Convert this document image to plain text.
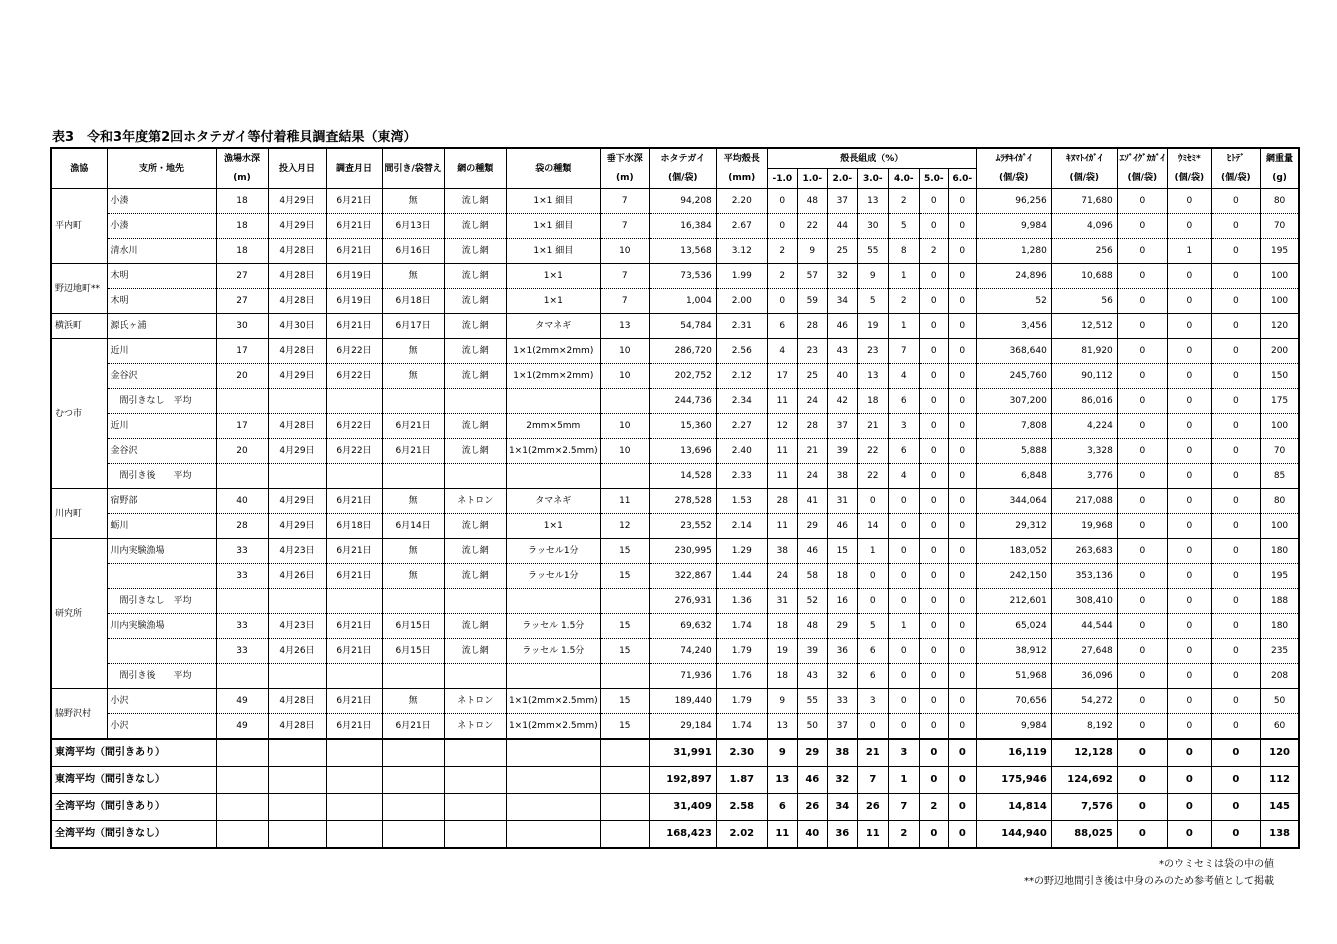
表3　令和3年度第2回ホタテガイ等付着稚貝調査結果（東湾）
漁協	支所・地先	漁場水深	投入月日	調査月日	間引き/袋替え	網の種類	袋の種類	垂下水深	ホタテガイ	平均殻長	殻長組成（%）							ﾑﾗｻｷｲｶﾞｲ	ｷﾇﾏﾄｲｶﾞｲ	ｴｿﾞｲｸﾞｶｶﾞｲ	ｳﾐｾﾐ*	ﾋﾄﾃﾞ	網重量
		(m)						(m)	(個/袋)	(mm)	-1.0	1.0-	2.0-	3.0-	4.0-	5.0-	6.0-	(個/袋)	(個/袋)	(個/袋)	(個/袋)	(個/袋)	(g)
平内町	小湊	18	4月29日	6月21日	無	流し網	1×1 細目	7	94,208	2.20	0	48	37	13	2	0	0	96,256	71,680	0	0	0	80
	小湊	18	4月29日	6月21日	6月13日	流し網	1×1 細目	7	16,384	2.67	0	22	44	30	5	0	0	9,984	4,096	0	0	0	70
	清水川	18	4月28日	6月21日	6月16日	流し網	1×1 細目	10	13,568	3.12	2	9	25	55	8	2	0	1,280	256	0	1	0	195
野辺地町**	木明	27	4月28日	6月19日	無	流し網	1×1	7	73,536	1.99	2	57	32	9	1	0	0	24,896	10,688	0	0	0	100
	木明	27	4月28日	6月19日	6月18日	流し網	1×1	7	1,004	2.00	0	59	34	5	2	0	0	52	56	0	0	0	100
横浜町	源氏ヶ浦	30	4月30日	6月21日	6月17日	流し網	タマネギ	13	54,784	2.31	6	28	46	19	1	0	0	3,456	12,512	0	0	0	120
むつ市	近川	17	4月28日	6月22日	無	流し網	1×1(2mm×2mm)	10	286,720	2.56	4	23	43	23	7	0	0	368,640	81,920	0	0	0	200
	金谷沢	20	4月29日	6月22日	無	流し網	1×1(2mm×2mm)	10	202,752	2.12	17	25	40	13	4	0	0	245,760	90,112	0	0	0	150
	　間引きなし　平均								244,736	2.34	11	24	42	18	6	0	0	307,200	86,016	0	0	0	175
	近川	17	4月28日	6月22日	6月21日	流し網	2mm×5mm	10	15,360	2.27	12	28	37	21	3	0	0	7,808	4,224	0	0	0	100
	金谷沢	20	4月29日	6月22日	6月21日	流し網	1×1(2mm×2.5mm)	10	13,696	2.40	11	21	39	22	6	0	0	5,888	3,328	0	0	0	70
	　間引き後　　平均								14,528	2.33	11	24	38	22	4	0	0	6,848	3,776	0	0	0	85
川内町	宿野部	40	4月29日	6月21日	無	ネトロン	タマネギ	11	278,528	1.53	28	41	31	0	0	0	0	344,064	217,088	0	0	0	80
	蛎川	28	4月29日	6月18日	6月14日	流し網	1×1	12	23,552	2.14	11	29	46	14	0	0	0	29,312	19,968	0	0	0	100
研究所	川内実験漁場	33	4月23日	6月21日	無	流し網	ラッセル1分	15	230,995	1.29	38	46	15	1	0	0	0	183,052	263,683	0	0	0	180
		33	4月26日	6月21日	無	流し網	ラッセル1分	15	322,867	1.44	24	58	18	0	0	0	0	242,150	353,136	0	0	0	195
	　間引きなし　平均								276,931	1.36	31	52	16	0	0	0	0	212,601	308,410	0	0	0	188
	川内実験漁場	33	4月23日	6月21日	6月15日	流し網	ラッセル 1.5分	15	69,632	1.74	18	48	29	5	1	0	0	65,024	44,544	0	0	0	180
		33	4月26日	6月21日	6月15日	流し網	ラッセル 1.5分	15	74,240	1.79	19	39	36	6	0	0	0	38,912	27,648	0	0	0	235
	　間引き後　　平均								71,936	1.76	18	43	32	6	0	0	0	51,968	36,096	0	0	0	208
脇野沢村	小沢	49	4月28日	6月21日	無	ネトロン	1×1(2mm×2.5mm)	15	189,440	1.79	9	55	33	3	0	0	0	70,656	54,272	0	0	0	50
	小沢	49	4月28日	6月21日	6月21日	ネトロン	1×1(2mm×2.5mm)	15	29,184	1.74	13	50	37	0	0	0	0	9,984	8,192	0	0	0	60
東湾平均（間引きあり）									31,991	2.30	9	29	38	21	3	0	0	16,119	12,128	0	0	0	120
東湾平均（間引きなし）									192,897	1.87	13	46	32	7	1	0	0	175,946	124,692	0	0	0	112
全湾平均（間引きあり）									31,409	2.58	6	26	34	26	7	2	0	14,814	7,576	0	0	0	145
全湾平均（間引きなし）									168,423	2.02	11	40	36	11	2	0	0	144,940	88,025	0	0	0	138
*のウミセミは袋の中の値
**の野辺地間引き後は中身のみのため参考値として掲載
